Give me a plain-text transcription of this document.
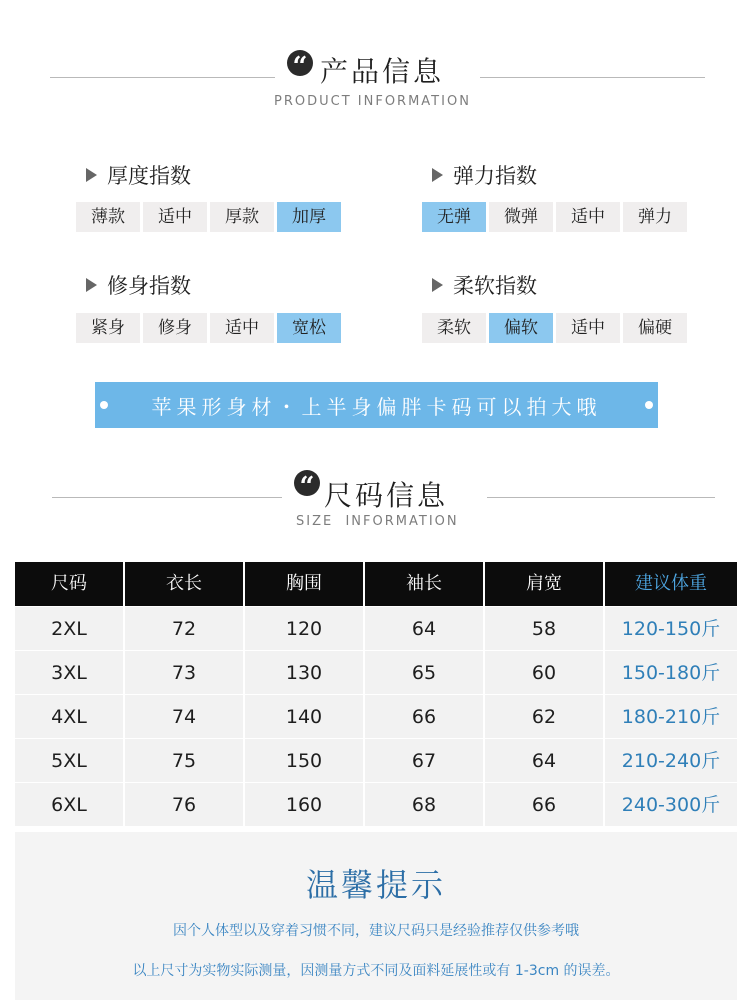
“ 产品信息
PRODUCT INFORMATION
厚度指数
薄款	适中	厚款	加厚
弹力指数
无弹	微弹	适中	弹力
修身指数
紧身	修身	适中	宽松
柔软指数
柔软	偏软	适中	偏硬
苹果形身材・上半身偏胖卡码可以拍大哦
“ 尺码信息
SIZE  INFORMATION
尺码	衣长	胸围	袖长	肩宽	建议体重
2XL	72	120	64	58	120-150斤
3XL	73	130	65	60	150-180斤
4XL	74	140	66	62	180-210斤
5XL	75	150	67	64	210-240斤
6XL	76	160	68	66	240-300斤
温馨提示
因个人体型以及穿着习惯不同，建议尺码只是经验推荐仅供参考哦
以上尺寸为实物实际测量，因测量方式不同及面料延展性或有 1-3cm 的误差。
